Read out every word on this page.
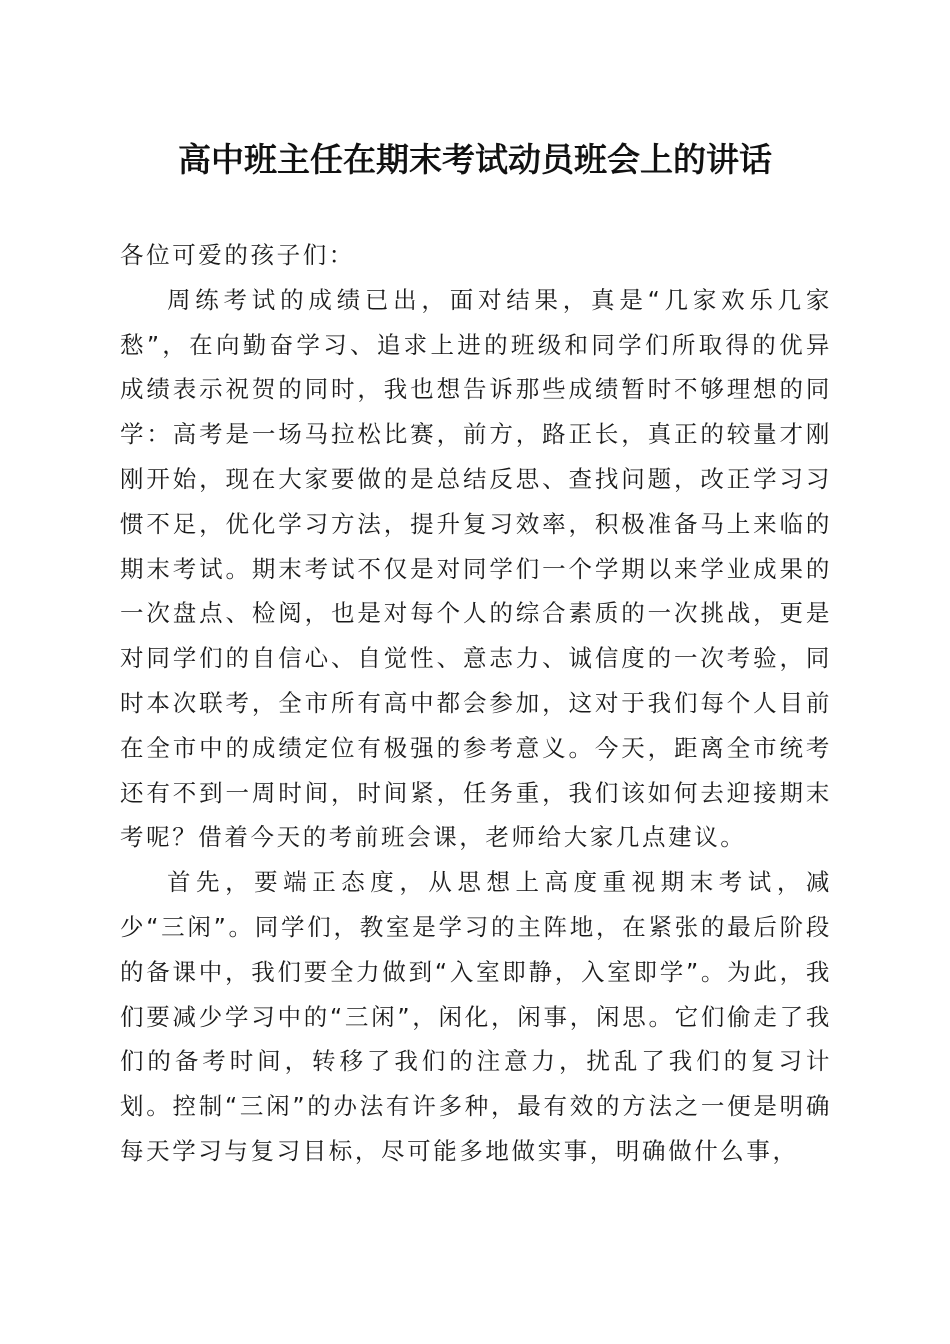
高中班主任在期末考试动员班会上的讲话

各位可爱的孩子们：

周练考试的成绩已出，面对结果，真是“几家欢乐几家愁”，在向勤奋学习、追求上进的班级和同学们所取得的优异成绩表示祝贺的同时，我也想告诉那些成绩暂时不够理想的同学：高考是一场马拉松比赛，前方，路正长，真正的较量才刚刚开始，现在大家要做的是总结反思、查找问题，改正学习习惯不足，优化学习方法，提升复习效率，积极准备马上来临的期末考试。期末考试不仅是对同学们一个学期以来学业成果的一次盘点、检阅，也是对每个人的综合素质的一次挑战，更是对同学们的自信心、自觉性、意志力、诚信度的一次考验，同时本次联考，全市所有高中都会参加，这对于我们每个人目前在全市中的成绩定位有极强的参考意义。今天，距离全市统考还有不到一周时间，时间紧，任务重，我们该如何去迎接期末考呢？借着今天的考前班会课，老师给大家几点建议。

首先，要端正态度，从思想上高度重视期末考试，减少“三闲”。同学们，教室是学习的主阵地，在紧张的最后阶段的备课中，我们要全力做到“入室即静，入室即学”。为此，我们要减少学习中的“三闲”，闲化，闲事，闲思。它们偷走了我们的备考时间，转移了我们的注意力，扰乱了我们的复习计划。控制“三闲”的办法有许多种，最有效的方法之一便是明确每天学习与复习目标，尽可能多地做实事，明确做什么事，
